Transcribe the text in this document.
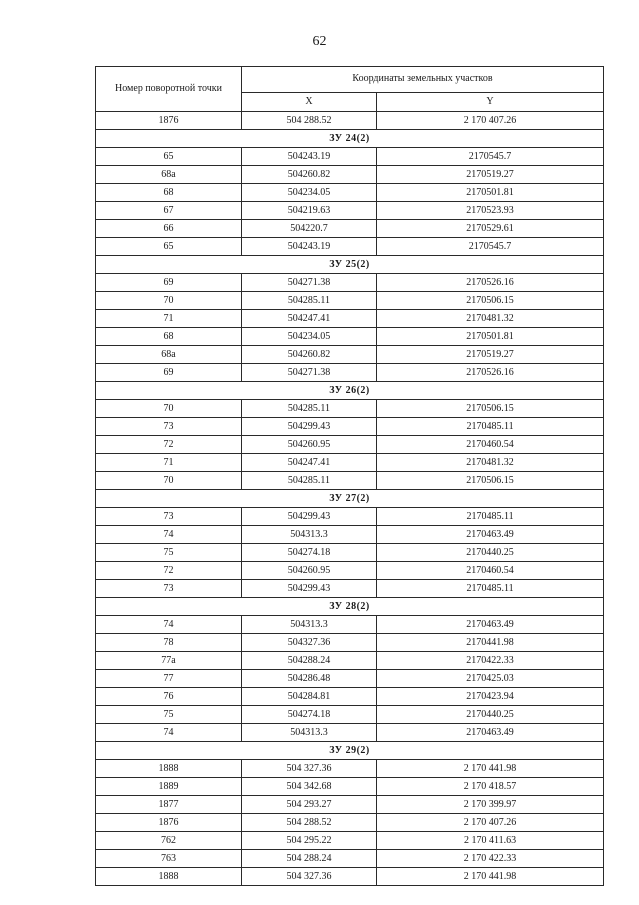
62
Номер поворотной точки	Координаты земельных участков	
	X	Y
1876	504 288.52	2 170 407.26
ЗУ 24(2)		
65	504243.19	2170545.7
68a	504260.82	2170519.27
68	504234.05	2170501.81
67	504219.63	2170523.93
66	504220.7	2170529.61
65	504243.19	2170545.7
ЗУ 25(2)		
69	504271.38	2170526.16
70	504285.11	2170506.15
71	504247.41	2170481.32
68	504234.05	2170501.81
68a	504260.82	2170519.27
69	504271.38	2170526.16
ЗУ 26(2)		
70	504285.11	2170506.15
73	504299.43	2170485.11
72	504260.95	2170460.54
71	504247.41	2170481.32
70	504285.11	2170506.15
ЗУ 27(2)		
73	504299.43	2170485.11
74	504313.3	2170463.49
75	504274.18	2170440.25
72	504260.95	2170460.54
73	504299.43	2170485.11
ЗУ 28(2)		
74	504313.3	2170463.49
78	504327.36	2170441.98
77a	504288.24	2170422.33
77	504286.48	2170425.03
76	504284.81	2170423.94
75	504274.18	2170440.25
74	504313.3	2170463.49
ЗУ 29(2)		
1888	504 327.36	2 170 441.98
1889	504 342.68	2 170 418.57
1877	504 293.27	2 170 399.97
1876	504 288.52	2 170 407.26
762	504 295.22	2 170 411.63
763	504 288.24	2 170 422.33
1888	504 327.36	2 170 441.98
